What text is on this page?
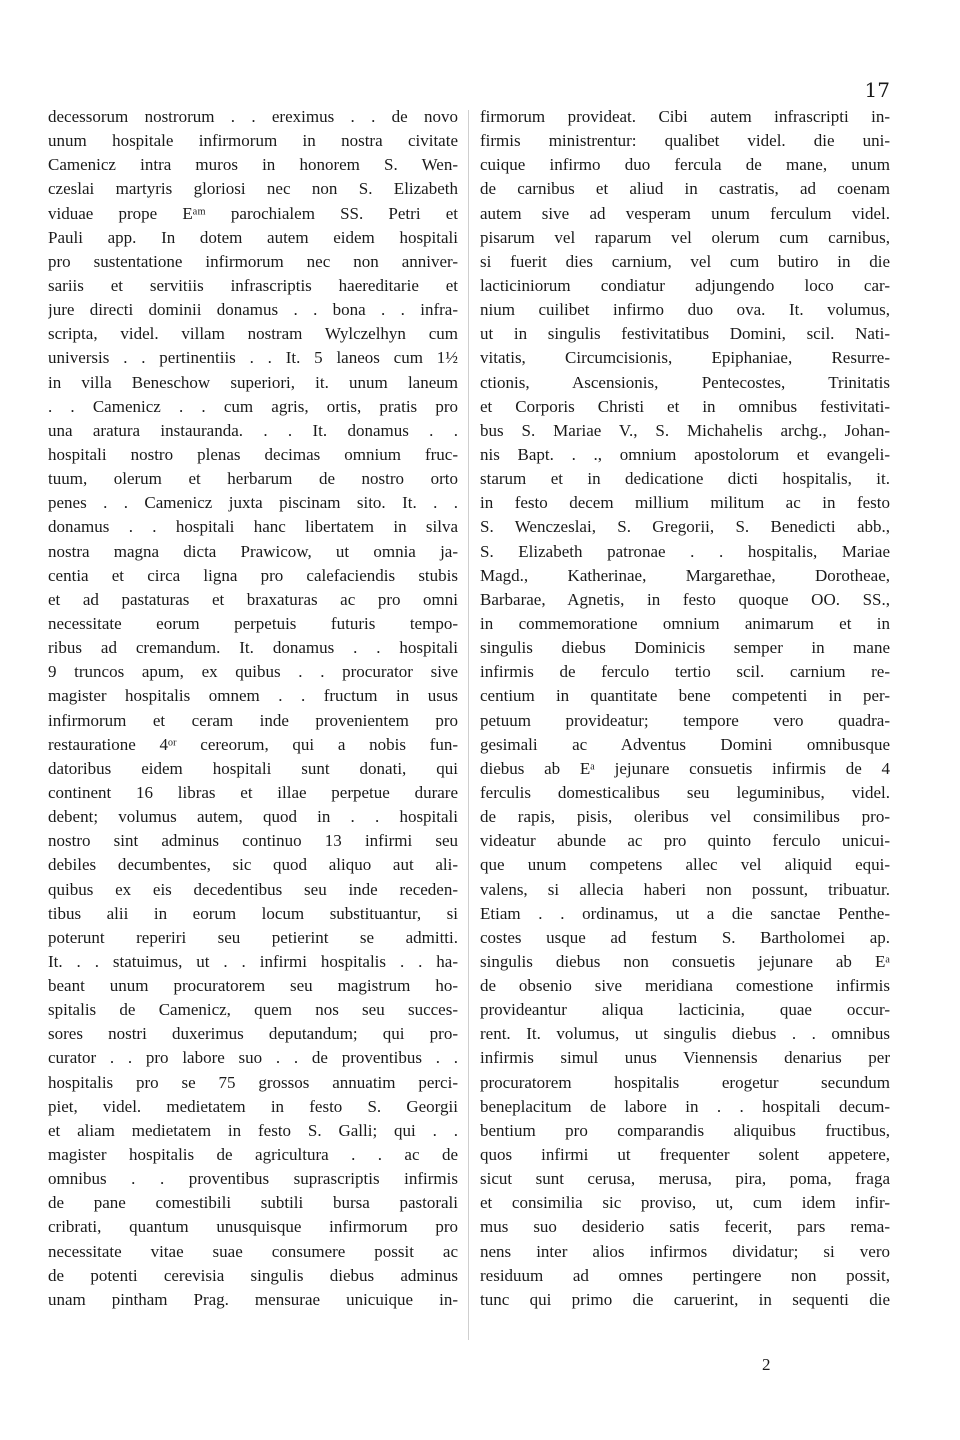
17
decessorum nostrorum . . ereximus . . de novo
unum hospitale infirmorum in nostra civitate
Camenicz intra muros in honorem S. Wen-
czeslai martyris gloriosi nec non S. Elizabeth
viduae prope Eᵃᵐ parochialem SS. Petri et
Pauli app. In dotem autem eidem hospitali
pro sustentatione infirmorum nec non anniver-
sariis et servitiis infrascriptis haereditarie et
jure directi dominii donamus . . bona . . infra-
scripta, videl. villam nostram Wylczelhyn cum
universis . . pertinentiis . . It. 5 laneos cum 1½
in villa Beneschow superiori, it. unum laneum
. . Camenicz . . cum agris, ortis, pratis pro
una aratura instauranda. . . It. donamus . .
hospitali nostro plenas decimas omnium fruc-
tuum, olerum et herbarum de nostro orto
penes . . Camenicz juxta piscinam sito. It. . .
donamus . . hospitali hanc libertatem in silva
nostra magna dicta Prawicow, ut omnia ja-
centia et circa ligna pro calefaciendis stubis
et ad pastaturas et braxaturas ac pro omni
necessitate eorum perpetuis futuris tempo-
ribus ad cremandum. It. donamus . . hospitali
9 truncos apum, ex quibus . . procurator sive
magister hospitalis omnem . . fructum in usus
infirmorum et ceram inde provenientem pro
restauratione 4ᵒʳ cereorum, qui a nobis fun-
datoribus eidem hospitali sunt donati, qui
continent 16 libras et illae perpetue durare
debent; volumus autem, quod in . . hospitali
nostro sint adminus continuo 13 infirmi seu
debiles decumbentes, sic quod aliquo aut ali-
quibus ex eis decedentibus seu inde receden-
tibus alii in eorum locum substituantur, si
poterunt reperiri seu petierint se admitti.
It. . . statuimus, ut . . infirmi hospitalis . . ha-
beant unum procuratorem seu magistrum ho-
spitalis de Camenicz, quem nos seu succes-
sores nostri duxerimus deputandum; qui pro-
curator . . pro labore suo . . de proventibus . .
hospitalis pro se 75 grossos annuatim perci-
piet, videl. medietatem in festo S. Georgii
et aliam medietatem in festo S. Galli; qui . .
magister hospitalis de agricultura . . ac de
omnibus . . proventibus suprascriptis infirmis
de pane comestibili subtili bursa pastorali
cribrati, quantum unusquisque infirmorum pro
necessitate vitae suae consumere possit ac
de potenti cerevisia singulis diebus adminus
unam pintham Prag. mensurae unicuique in-
firmorum provideat. Cibi autem infrascripti in-
firmis ministrentur: qualibet videl. die uni-
cuique infirmo duo fercula de mane, unum
de carnibus et aliud in castratis, ad coenam
autem sive ad vesperam unum ferculum videl.
pisarum vel raparum vel olerum cum carnibus,
si fuerit dies carnium, vel cum butiro in die
lacticiniorum condiatur adjungendo loco car-
nium cuilibet infirmo duo ova. It. volumus,
ut in singulis festivitatibus Domini, scil. Nati-
vitatis, Circumcisionis, Epiphaniae, Resurre-
ctionis, Ascensionis, Pentecostes, Trinitatis
et Corporis Christi et in omnibus festivitati-
bus S. Mariae V., S. Michahelis archg., Johan-
nis Bapt. . ., omnium apostolorum et evangeli-
starum et in dedicatione dicti hospitalis, it.
in festo decem millium militum ac in festo
S. Wenczeslai, S. Gregorii, S. Benedicti abb.,
S. Elizabeth patronae . . hospitalis, Mariae
Magd., Katherinae, Margarethae, Dorotheae,
Barbarae, Agnetis, in festo quoque OO. SS.,
in commemoratione omnium animarum et in
singulis diebus Dominicis semper in mane
infirmis de ferculo tertio scil. carnium re-
centium in quantitate bene competenti in per-
petuum provideatur; tempore vero quadra-
gesimali ac Adventus Domini omnibusque
diebus ab Eᵃ jejunare consuetis infirmis de 4
ferculis domesticalibus seu leguminibus, videl.
de rapis, pisis, oleribus vel consimilibus pro-
videatur abunde ac pro quinto ferculo unicui-
que unum competens allec vel aliquid equi-
valens, si allecia haberi non possunt, tribuatur.
Etiam . . ordinamus, ut a die sanctae Penthe-
costes usque ad festum S. Bartholomei ap.
singulis diebus non consuetis jejunare ab Eᵃ
de obsenio sive meridiana comestione infirmis
provideantur aliqua lacticinia, quae occur-
rent. It. volumus, ut singulis diebus . . omnibus
infirmis simul unus Viennensis denarius per
procuratorem hospitalis erogetur secundum
beneplacitum de labore in . . hospitali decum-
bentium pro comparandis aliquibus fructibus,
quos infirmi ut frequenter solent appetere,
sicut sunt cerusa, merusa, pira, poma, fraga
et consimilia sic proviso, ut, cum idem infir-
mus suo desiderio satis fecerit, pars rema-
nens inter alios infirmos dividatur; si vero
residuum ad omnes pertingere non possit,
tunc qui primo die caruerint, in sequenti die
2
